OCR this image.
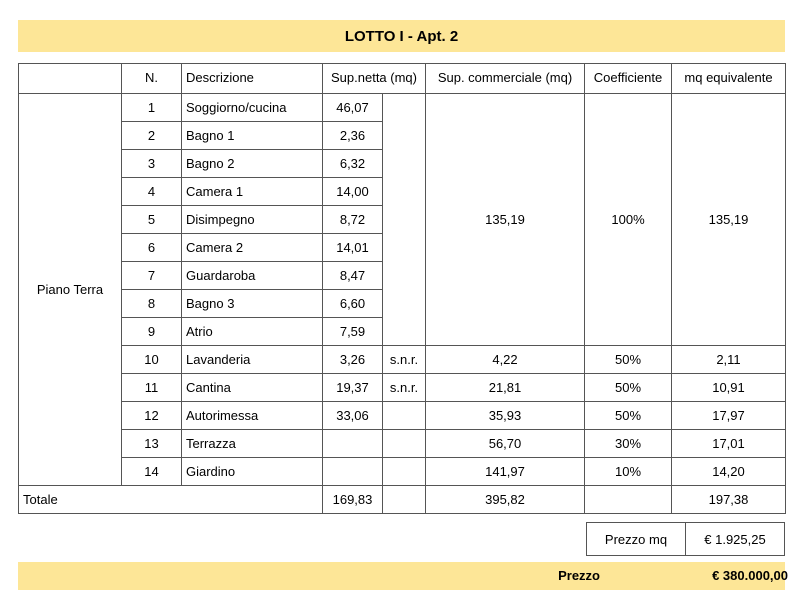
LOTTO I - Apt. 2
	N.	Descrizione	Sup.netta (mq)		Sup. commerciale (mq)	Coefficiente	mq equivalente
Piano Terra	1	Soggiorno/cucina	46,07		135,19	100%	135,19
	2	Bagno 1	2,36				
	3	Bagno 2	6,32				
	4	Camera 1	14,00				
	5	Disimpegno	8,72				
	6	Camera 2	14,01				
	7	Guardaroba	8,47				
	8	Bagno 3	6,60				
	9	Atrio	7,59				
	10	Lavanderia	3,26	s.n.r.	4,22	50%	2,11
	11	Cantina	19,37	s.n.r.	21,81	50%	10,91
	12	Autorimessa	33,06		35,93	50%	17,97
	13	Terrazza			56,70	30%	17,01
	14	Giardino			141,97	10%	14,20
Totale			169,83		395,82		197,38
Prezzo mq	€ 1.925,25
Prezzo	€ 380.000,00
